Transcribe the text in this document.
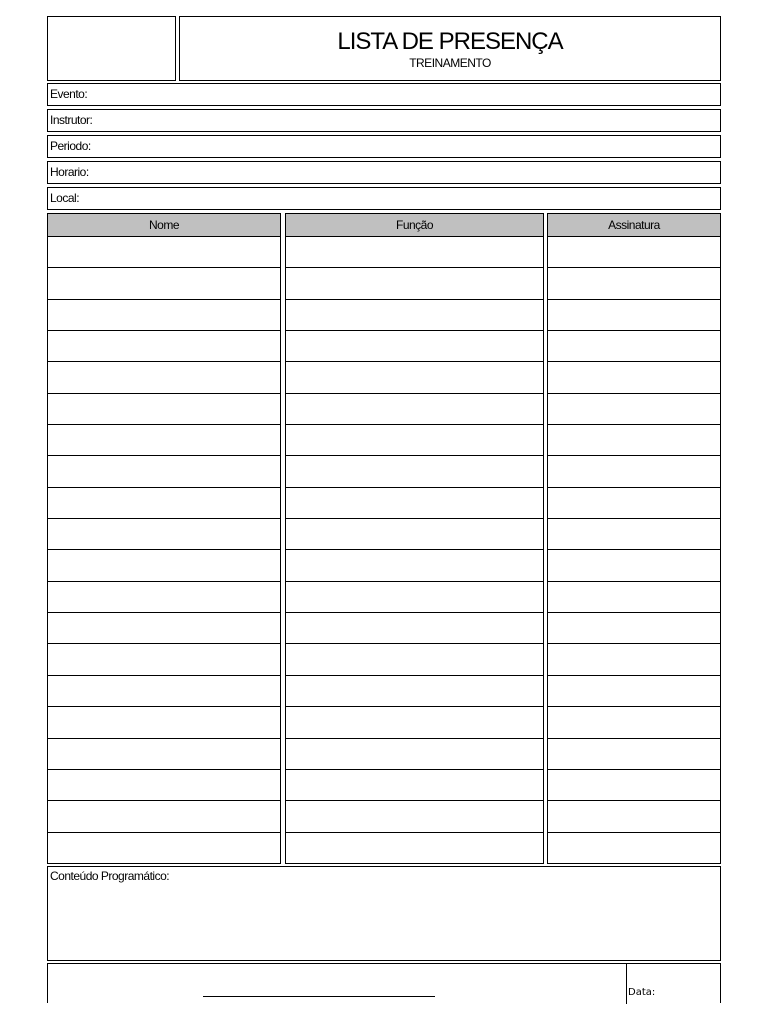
LISTA DE PRESENÇA
TREINAMENTO
Evento:
Instrutor:
Periodo:
Horario:
Local:
Nome	Função	Assinatura
Conteúdo Programático:
Data:
